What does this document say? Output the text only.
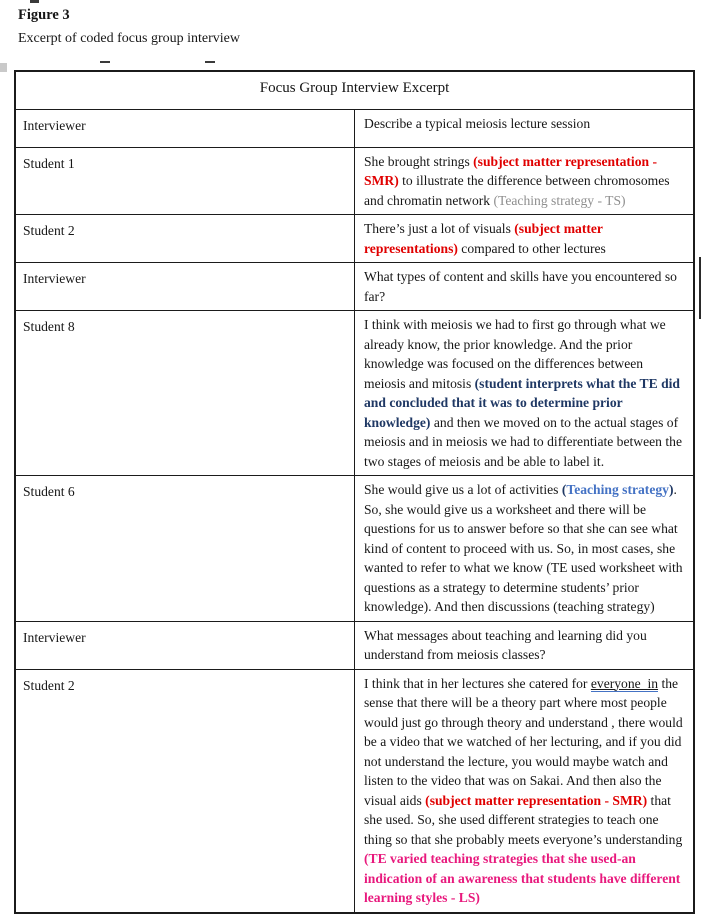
Figure 3
Excerpt of coded focus group interview
Focus Group Interview Excerpt	
Interviewer	Describe a typical meiosis lecture session
Student 1	She brought strings (subject matter representation - SMR) to illustrate the difference between chromosomes and chromatin network (Teaching strategy - TS)
Student 2	There’s just a lot of visuals (subject matter representations) compared to other lectures
Interviewer	What types of content and skills have you encountered so far?
Student 8	I think with meiosis we had to first go through what we already know, the prior knowledge. And the prior knowledge was focused on the differences between meiosis and mitosis (student interprets what the TE did and concluded that it was to determine prior knowledge) and then we moved on to the actual stages of meiosis and in meiosis we had to differentiate between the two stages of meiosis and be able to label it.
Student 6	She would give us a lot of activities (Teaching strategy). So, she would give us a worksheet and there will be questions for us to answer before so that she can see what kind of content to proceed with us. So, in most cases, she wanted to refer to what we know (TE used worksheet with questions as a strategy to determine students’ prior knowledge). And then discussions (teaching strategy)
Interviewer	What messages about teaching and learning did you understand from meiosis classes?
Student 2	I think that in her lectures she catered for everyone  in the sense that there will be a theory part where most people would just go through theory and understand , there would be a video that we watched of her lecturing, and if you did not understand the lecture, you would maybe watch and listen to the video that was on Sakai. And then also the visual aids (subject matter representation - SMR) that she used. So, she used different strategies to teach one thing so that she probably meets everyone’s understanding (TE varied teaching strategies that she used-an indication of an awareness that students have different learning styles - LS)
